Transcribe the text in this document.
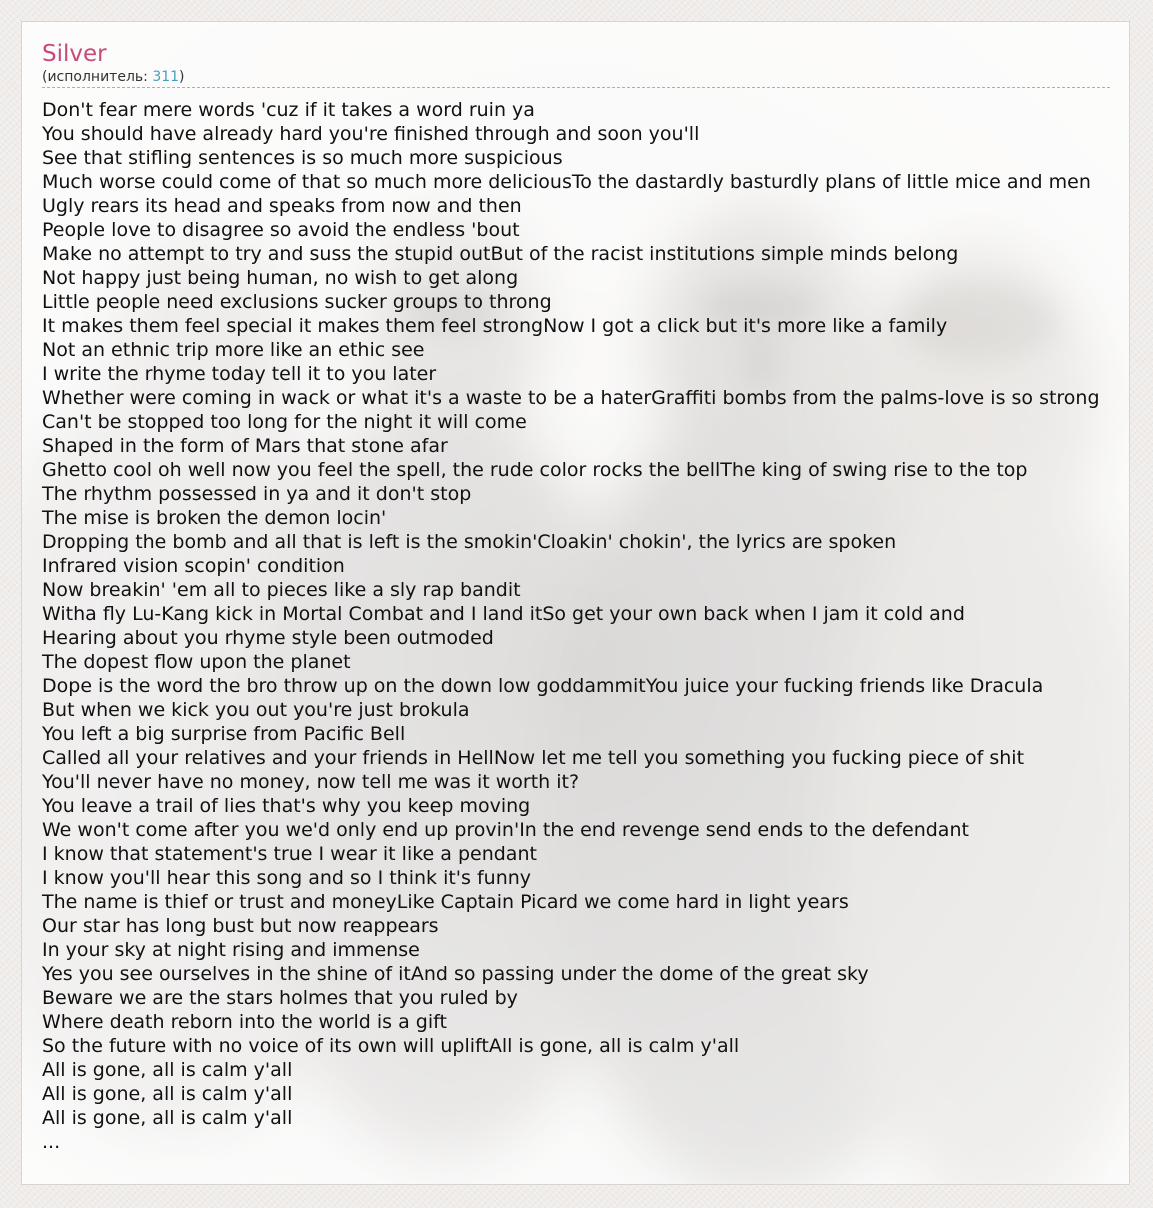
Silver
(исполнитель: 311)
Don't fear mere words 'cuz if it takes a word ruin ya
You should have already hard you're finished through and soon you'll
See that stifling sentences is so much more suspicious
Much worse could come of that so much more deliciousTo the dastardly basturdly plans of little mice and men
Ugly rears its head and speaks from now and then
People love to disagree so avoid the endless 'bout
Make no attempt to try and suss the stupid outBut of the racist institutions simple minds belong
Not happy just being human, no wish to get along
Little people need exclusions sucker groups to throng
It makes them feel special it makes them feel strongNow I got a click but it's more like a family
Not an ethnic trip more like an ethic see
I write the rhyme today tell it to you later
Whether were coming in wack or what it's a waste to be a haterGraffiti bombs from the palms-love is so strong
Can't be stopped too long for the night it will come
Shaped in the form of Mars that stone afar
Ghetto cool oh well now you feel the spell, the rude color rocks the bellThe king of swing rise to the top
The rhythm possessed in ya and it don't stop
The mise is broken the demon locin'
Dropping the bomb and all that is left is the smokin'Cloakin' chokin', the lyrics are spoken
Infrared vision scopin' condition
Now breakin' 'em all to pieces like a sly rap bandit
Witha fly Lu-Kang kick in Mortal Combat and I land itSo get your own back when I jam it cold and
Hearing about you rhyme style been outmoded
The dopest flow upon the planet
Dope is the word the bro throw up on the down low goddammitYou juice your fucking friends like Dracula
But when we kick you out you're just brokula
You left a big surprise from Pacific Bell
Called all your relatives and your friends in HellNow let me tell you something you fucking piece of shit
You'll never have no money, now tell me was it worth it?
You leave a trail of lies that's why you keep moving
We won't come after you we'd only end up provin'In the end revenge send ends to the defendant
I know that statement's true I wear it like a pendant
I know you'll hear this song and so I think it's funny
The name is thief or trust and moneyLike Captain Picard we come hard in light years
Our star has long bust but now reappears
In your sky at night rising and immense
Yes you see ourselves in the shine of itAnd so passing under the dome of the great sky
Beware we are the stars holmes that you ruled by
Where death reborn into the world is a gift
So the future with no voice of its own will upliftAll is gone, all is calm y'all
All is gone, all is calm y'all
All is gone, all is calm y'all
All is gone, all is calm y'all
...
